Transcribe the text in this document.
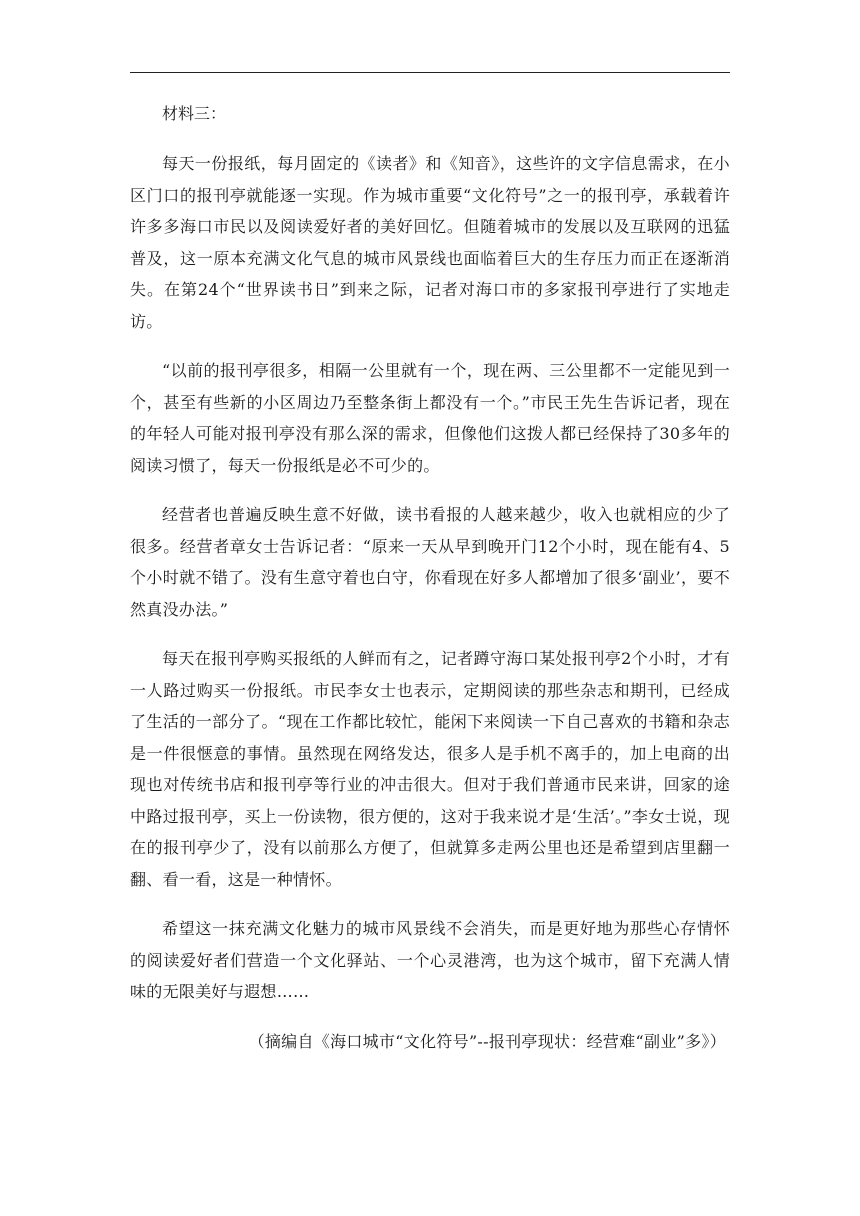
材料三：

每天一份报纸，每月固定的《读者》和《知音》，这些许的文字信息需求，在小区门口的报刊亭就能逐一实现。作为城市重要“文化符号”之一的报刊亭，承载着许许多多海口市民以及阅读爱好者的美好回忆。但随着城市的发展以及互联网的迅猛普及，这一原本充满文化气息的城市风景线也面临着巨大的生存压力而正在逐渐消失。在第24个“世界读书日”到来之际，记者对海口市的多家报刊亭进行了实地走访。

“以前的报刊亭很多，相隔一公里就有一个，现在两、三公里都不一定能见到一个，甚至有些新的小区周边乃至整条街上都没有一个。”市民王先生告诉记者，现在的年轻人可能对报刊亭没有那么深的需求，但像他们这拨人都已经保持了30多年的阅读习惯了，每天一份报纸是必不可少的。

经营者也普遍反映生意不好做，读书看报的人越来越少，收入也就相应的少了很多。经营者章女士告诉记者：“原来一天从早到晚开门12个小时，现在能有4、5个小时就不错了。没有生意守着也白守，你看现在好多人都增加了很多‘副业’，要不然真没办法。”

每天在报刊亭购买报纸的人鲜而有之，记者蹲守海口某处报刊亭2个小时，才有一人路过购买一份报纸。市民李女士也表示，定期阅读的那些杂志和期刊，已经成了生活的一部分了。“现在工作都比较忙，能闲下来阅读一下自己喜欢的书籍和杂志是一件很惬意的事情。虽然现在网络发达，很多人是手机不离手的，加上电商的出现也对传统书店和报刊亭等行业的冲击很大。但对于我们普通市民来讲，回家的途中路过报刊亭，买上一份读物，很方便的，这对于我来说才是‘生活’。”李女士说，现在的报刊亭少了，没有以前那么方便了，但就算多走两公里也还是希望到店里翻一翻、看一看，这是一种情怀。

希望这一抹充满文化魅力的城市风景线不会消失，而是更好地为那些心存情怀的阅读爱好者们营造一个文化驿站、一个心灵港湾，也为这个城市，留下充满人情味的无限美好与遐想……

（摘编自《海口城市“文化符号”--报刊亭现状：经营难“副业”多》）
